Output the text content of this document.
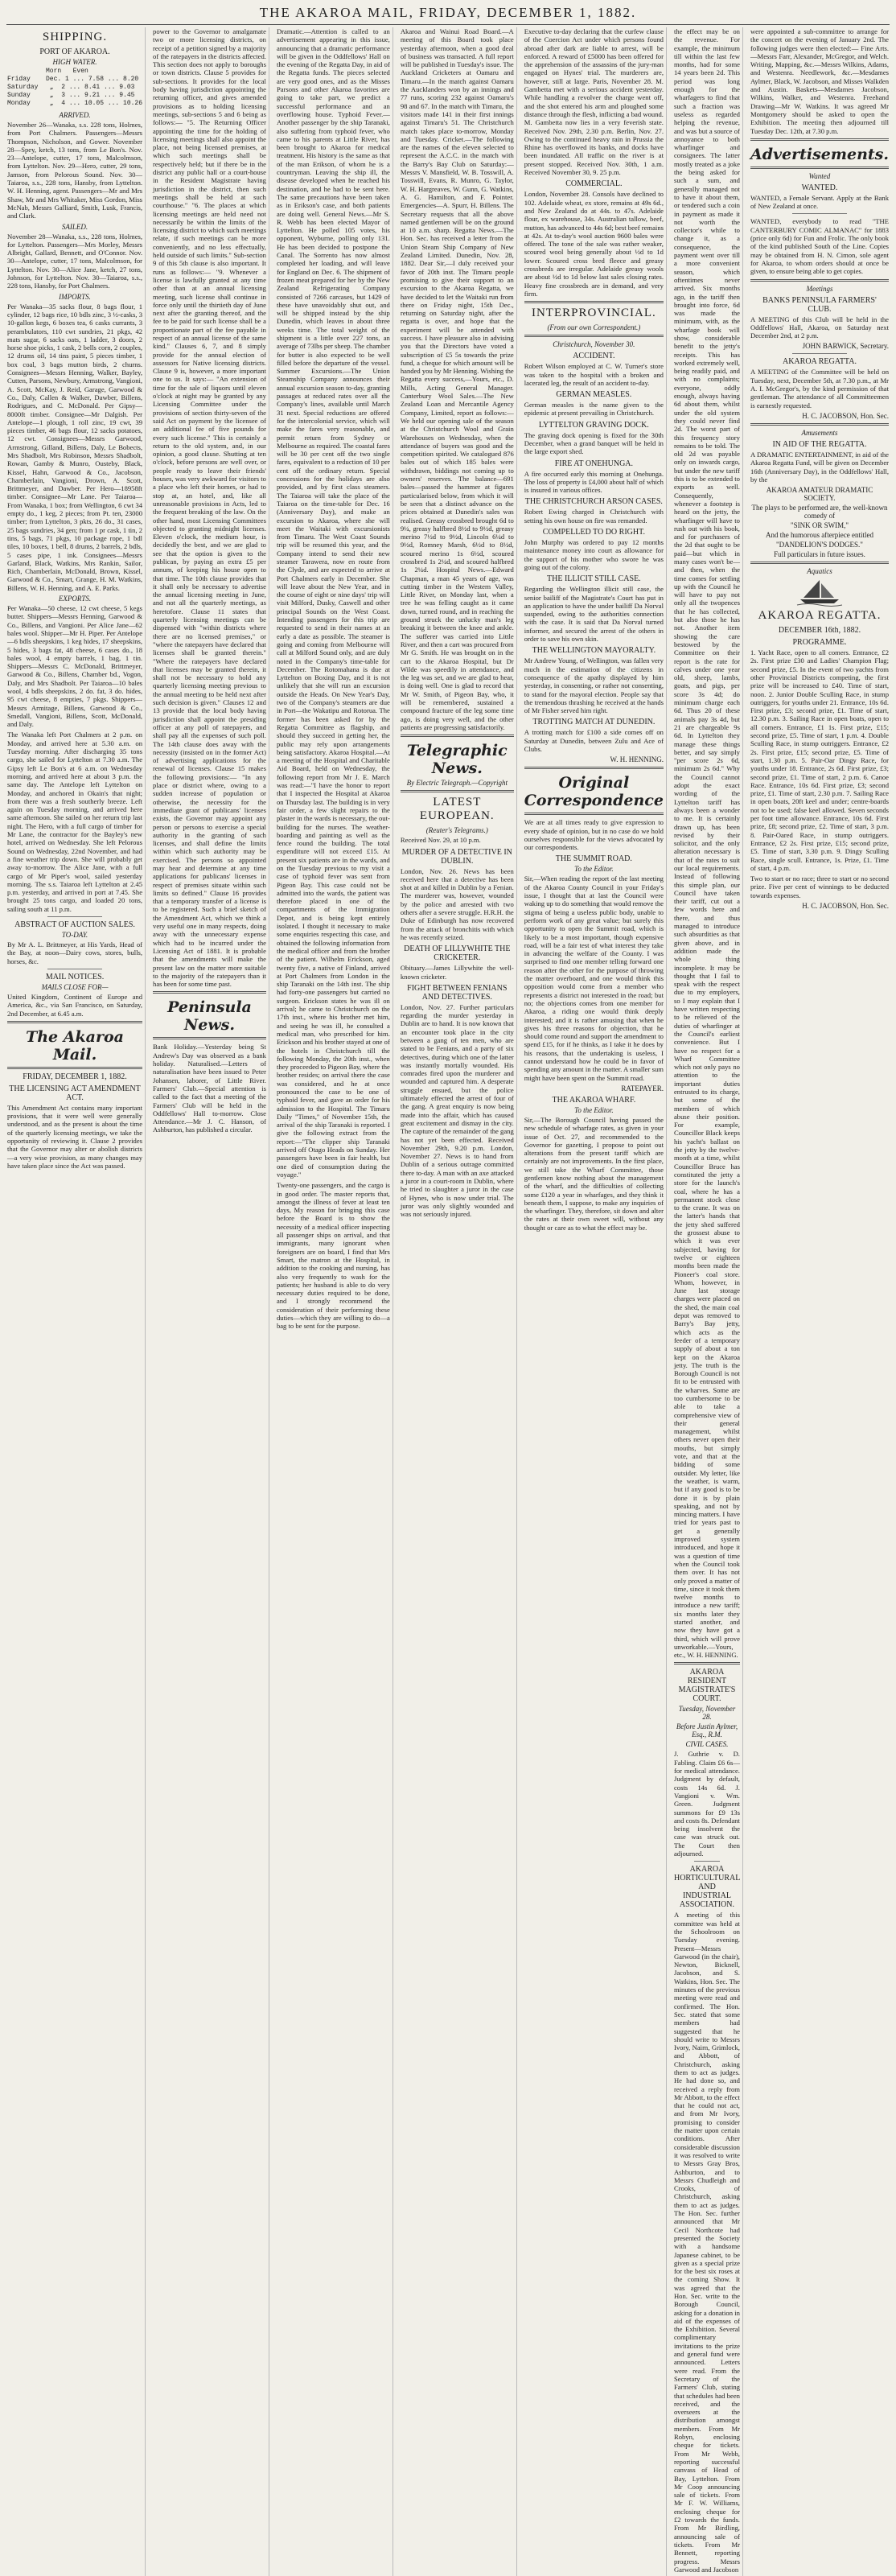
THE AKAROA MAIL, FRIDAY, DECEMBER 1, 1882.
SHIPPING.
PORT OF AKAROA.
HIGH WATER.
Morn   Even
Friday    Dec. 1 ... 7.58 ... 8.20
Saturday   „  2 ... 8.41 ... 9.03
Sunday     „  3 ... 9.21 ... 9.45
Monday     „  4 ... 10.05 ... 10.26
ARRIVED.

November 26—Wanaka, s.s. 228 tons, Holmes, from Port Chalmers. Passengers—Messrs Thompson, Nicholson, and Gower. November 28—Spey, ketch, 13 tons, from Le Bon's. Nov. 23—Antelope, cutter, 17 tons, Malcolmson, from Lyttelton. Nov. 29—Hero, cutter, 29 tons, Jamson, from Pelorous Sound. Nov. 30—Taiaroa, s.s., 228 tons, Hansby, from Lyttelton. W. H. Henning, agent. Passengers—Mr and Mrs Shaw, Mr and Mrs Whitaker, Miss Gordon, Miss McNab, Messrs Galliard, Smith, Lusk, Francis, and Clark.

SAILED.

November 28—Wanaka, s.s., 228 tons, Holmes, for Lyttelton. Passengers—Mrs Morley, Messrs Albright, Gallard, Bennett, and O'Connor. Nov. 30—Antelope, cutter, 17 tons, Malcolmson, for Lyttelton. Nov. 30—Alice Jane, ketch, 27 tons, Johnson, for Lyttelton. Nov. 30—Taiaroa, s.s., 228 tons, Hansby, for Port Chalmers.

IMPORTS.

Per Wanaka—35 sacks flour, 8 bags flour, 1 cylinder, 12 bags rice, 10 bdls zinc, 3 ½-casks, 3 10-gallon kegs, 6 boxes tea, 6 casks currants, 3 perambulators, 110 cwt sundries, 21 pkgs, 42 mats sugar, 6 sacks oats, 1 ladder, 3 doors, 2 horse shoe picks, 1 cask, 2 bells corn, 2 couples, 12 drums oil, 14 tins paint, 5 pieces timber, 1 box coal, 3 bags mutton birds, 2 churns. Consignees—Messrs Henning, Walker, Bayley, Cutten, Parsons, Newbury, Armstrong, Vangioni, A. Scott, McKay, J. Reid, Garage, Garwood & Co., Daly, Callen & Walker, Dawber, Billens, Rodrigues, and C. McDonald. Per Gipsy—8000ft timber. Consignee—Mr Dalgish. Per Antelope—1 plough, 1 roll zinc, 19 cwt, 39 pieces timber, 46 bags flour, 12 sacks potatoes, 12 cwt. Consignees—Messrs Garwood, Armstrong, Gilland, Billens, Daly, Le Bobects, Mrs Shadbolt, Mrs Robinson, Messrs Shadbolt, Rowan, Gamby & Munro, Ousteby, Black, Kissel, Hahn, Garwood & Co., Jacobson, Chamberlain, Vangioni, Drown, A. Scott, Brittmeyer, and Dawber. Per Hero—18958ft timber. Consignee—Mr Lane. Per Taiaroa—From Wanaka, 1 box; from Wellington, 6 cwt 34 empty do., 1 keg, 2 pieces; from Pt. ten, 23000 timber; from Lyttelton, 3 pkts, 26 do., 31 cases, 25 bags sundries, 34 gen; from 1 pr cask, 1 tin, 2 tins, 5 bags, 71 pkgs, 10 package rope, 1 bdl tiles, 10 boxes, 1 bell, 8 drums, 2 barrels, 2 bdls, 5 cases pipe, 1 ink. Consignees—Messrs Garland, Black, Watkins, Mrs Rankin, Sailor, Rich, Chamberlain, McDonald, Brown, Kissel, Garwood & Co., Smart, Grange, H. M. Watkins, Billens, W. H. Henning, and A. E. Parks.

EXPORTS.

Per Wanaka—50 cheese, 12 cwt cheese, 5 kegs butter. Shippers—Messrs Henning, Garwood & Co., Billens, and Vangioni. Per Alice Jane—62 bales wool. Shipper—Mr H. Piper. Per Antelope—6 bdls sheepskins, 1 keg hides, 17 sheepskins, 5 hides, 3 bags fat, 48 cheese, 6 cases do., 18 bales wool, 4 empty barrels, 1 bag, 1 tin. Shippers—Messrs C. McDonald, Brittmeyer, Garwood & Co., Billens, Chamber bd., Vogon, Daly, and Mrs Shadbolt. Per Taiaroa—10 bales wool, 4 bdls sheepskins, 2 do. fat, 3 do. hides, 95 cwt cheese, 8 empties, 7 pkgs. Shippers—Messrs Armitage, Billens, Garwood & Co., Smedall, Vangioni, Billens, Scott, McDonald, and Daly.

The Wanaka left Port Chalmers at 2 p.m. on Monday, and arrived here at 5.30 a.m. on Tuesday morning. After discharging 35 tons cargo, she sailed for Lyttelton at 7.30 a.m. The Gipsy left Le Bon's at 6 a.m. on Wednesday morning, and arrived here at about 3 p.m. the same day. The Antelope left Lyttelton on Monday, and anchored in Okain's that night; from there was a fresh southerly breeze. Left again on Tuesday morning, and arrived here same afternoon. She sailed on her return trip last night. The Hero, with a full cargo of timber for Mr Lane, the contractor for the Bayley's new hotel, arrived on Wednesday. She left Pelorous Sound on Wednesday, 22nd November, and had a fine weather trip down. She will probably get away to-morrow. The Alice Jane, with a full cargo of Mr Piper's wool, sailed yesterday morning. The s.s. Taiaroa left Lyttelton at 2.45 p.m. yesterday, and arrived in port at 7.45. She brought 25 tons cargo, and loaded 20 tons, sailing south at 11 p.m.

ABSTRACT OF AUCTION SALES.
TO-DAY.

By Mr A. L. Brittmeyer, at His Yards, Head of the Bay, at noon—Dairy cows, stores, bulls, horses, &c.

MAIL NOTICES.
MAILS CLOSE FOR—

United Kingdom, Continent of Europe and America, &c., via San Francisco, on Saturday, 2nd December, at 6.45 a.m.

The Akaroa Mail.
FRIDAY, DECEMBER 1, 1882.
THE LICENSING ACT AMENDMENT ACT.

This Amendment Act contains many important provisions, that it were well were generally understood, and as the present is about the time of the quarterly licensing meetings, we take the opportunity of reviewing it. Clause 2 provides that the Governor may alter or abolish districts—a very wise provision, as many changes may have taken place since the Act was passed.

power to the Governor to amalgamate two or more licensing districts, on receipt of a petition signed by a majority of the ratepayers in the districts affected. This section does not apply to boroughs or town districts. Clause 5 provides for sub-sections. It provides for the local body having jurisdiction appointing the returning officer, and gives amended provisions as to holding licensing meetings, sub-sections 5 and 6 being as follows:— "5. The Returning Officer appointing the time for the holding of licensing meetings shall also appoint the place, not being licensed premises, at which such meetings shall be respectively held; but if there be in the district any public hall or a court-house in the Resident Magistrate having jurisdiction in the district, then such meetings shall be held at such courthouse." "6. The places at which licensing meetings are held need not necessarily be within the limits of the licensing district to which such meetings relate, if such meetings can be more conveniently, and no less effectually, held outside of such limits." Sub-section 9 of this 5th clause is also important. It runs as follows:— "9. Whenever a license is lawfully granted at any time other than at an annual licensing meeting, such license shall continue in force only until the thirtieth day of June next after the granting thereof, and the fee to be paid for such license shall be a proportionate part of the fee payable in respect of an annual license of the same kind." Clauses 6, 7, and 8 simply provide for the annual election of assessors for Native licensing districts. Clause 9 is, however, a more important one to us. It says:— "An extension of time for the sale of liquors until eleven o'clock at night may be granted by any Licensing Committee under the provisions of section thirty-seven of the said Act on payment by the licensee of an additional fee of five pounds for every such license." This is certainly a return to the old system, and, in our opinion, a good clause. Shutting at ten o'clock, before persons are well over, or people ready to leave their friends' houses, was very awkward for visitors to a place who left their homes, or had to stop at, an hotel, and, like all unreasonable provisions in Acts, led to the frequent breaking of the law. On the other hand, most Licensing Committees objected to granting midnight licenses. Eleven o'clock, the medium hour, is decidedly the best, and we are glad to see that the option is given to the publican, by paying an extra £5 per annum, of keeping his house open to that time. The 10th clause provides that it shall only be necessary to advertise the annual licensing meeting in June, and not all the quarterly meetings, as heretofore. Clause 11 states that quarterly licensing meetings can be dispensed with "within districts where there are no licensed premises," or "where the ratepayers have declared that licenses shall be granted therein." "Where the ratepayers have declared that licenses may be granted therein, it shall not be necessary to hold any quarterly licensing meeting previous to the annual meeting to be held next after such decision is given." Clauses 12 and 13 provide that the local body having jurisdiction shall appoint the presiding officer at any poll of ratepayers, and shall pay all the expenses of such poll. The 14th clause does away with the necessity (insisted on in the former Act) of advertising applications for the renewal of licenses. Clause 15 makes the following provisions:— "In any place or district where, owing to a sudden increase of population or otherwise, the necessity for the immediate grant of publicans' licenses exists, the Governor may appoint any person or persons to exercise a special authority in the granting of such licenses, and shall define the limits within which such authority may be exercised. The persons so appointed may hear and determine at any time applications for publicans' licenses in respect of premises situate within such limits so defined." Clause 16 provides that a temporary transfer of a license is to be registered. Such a brief sketch of the Amendment Act, which we think a very useful one in many respects, doing away with the unnecessary expense which had to be incurred under the Licensing Act of 1881. It is probable that the amendments will make the present law on the matter more suitable to the majority of the ratepayers than it has been for some time past.

Peninsula News.

Bank Holiday.—Yesterday being St Andrew's Day was observed as a bank holiday. Naturalised.—Letters of naturalisation have been issued to Peter Johansen, laborer, of Little River. Farmers' Club.—Special attention is called to the fact that a meeting of the Farmers' Club will be held in the Oddfellows' Hall to-morrow. Close Attendance.—Mr J. C. Hanson, of Ashburton, has published a circular.

Dramatic.—Attention is called to an advertisement appearing in this issue, announcing that a dramatic performance will be given in the Oddfellows' Hall on the evening of the Regatta Day, in aid of the Regatta funds. The pieces selected are very good ones, and as the Misses Parsons and other Akaroa favorites are going to take part, we predict a successful performance and an overflowing house. Typhoid Fever.—Another passenger by the ship Taranaki, also suffering from typhoid fever, who came to his parents at Little River, has been brought to Akaroa for medical treatment. His history is the same as that of the man Erikson, of whom he is a countryman. Leaving the ship ill, the disease developed when he reached his destination, and he had to be sent here. The same precautions have been taken as in Erikson's case, and both patients are doing well. General News.—Mr S. R. Webb has been elected Mayor of Lyttelton. He polled 105 votes, his opponent, Wyburne, polling only 131. He has been decided to postpone the Canal. The Sorrento has now almost completed her loading, and will leave for England on Dec. 6. The shipment of frozen meat prepared for her by the New Zealand Refrigerating Company consisted of 7266 carcases, but 1429 of these have unavoidably shut out, and will be shipped instead by the ship Dunedin, which leaves in about three weeks time. The total weight of the shipment is a little over 227 tons, an average of 73lbs per sheep. The chamber for butter is also expected to be well filled before the departure of the vessel. Summer Excursions.—The Union Steamship Company announces their annual excursion season to-day, granting passages at reduced rates over all the Company's lines, available until March 31 next. Special reductions are offered for the intercolonial service, which will make the fares very reasonable, and permit return from Sydney or Melbourne as required. The coastal fares will be 30 per cent off the two single fares, equivalent to a reduction of 10 per cent off the ordinary return. Special concessions for the holidays are also provided, and by first class steamers. The Taiaroa will take the place of the Taiaroa on the time-table for Dec. 16 (Anniversary Day), and make an excursion to Akaroa, where she will meet the Waitaki with excursionists from Timaru. The West Coast Sounds trip will be resumed this year, and the Company intend to send their new steamer Tarawera, now en route from the Clyde, and are expected to arrive at Port Chalmers early in December. She will leave about the New Year, and in the course of eight or nine days' trip will visit Milford, Dusky, Caswell and other principal Sounds on the West Coast. Intending passengers for this trip are requested to send in their names at an early a date as possible. The steamer is going and coming from Melbourne will call at Milford Sound only, and are duly noted in the Company's time-table for December. The Rotomahana is due at Lyttelton on Boxing Day, and it is not unlikely that she will run an excursion outside the Heads. On New Year's Day, two of the Company's steamers are due in Port—the Wakatipu and Rotorua. The former has been asked for by the Regatta Committee as flagship, and should they succeed in getting her, the public may rely upon arrangements being satisfactory. Akaroa Hospital.—At a meeting of the Hospital and Charitable Aid Board, held on Wednesday, the following report from Mr J. E. March was read:—"I have the honor to report that I inspected the Hospital at Akaroa on Thursday last. The building is in very fair order, a few slight repairs to the plaster in the wards is necessary, the out-building for the nurses. The weather-boarding and painting as well as the fence round the building. The total expenditure will not exceed £15. At present six patients are in the wards, and on the Tuesday previous to my visit a case of typhoid fever was sent from Pigeon Bay. This case could not be admitted into the wards, the patient was therefore placed in one of the compartments of the Immigration Depot, and is being kept entirely isolated. I thought it necessary to make some enquiries respecting this case, and obtained the following information from the medical officer and from the brother of the patient. Wilhelm Erickson, aged twenty five, a native of Finland, arrived at Port Chalmers from London in the ship Taranaki on the 14th inst. The ship had forty-one passengers but carried no surgeon. Erickson states he was ill on arrival; he came to Christchurch on the 17th inst., where his brother met him, and seeing he was ill, he consulted a medical man, who prescribed for him. Erickson and his brother stayed at one of the hotels in Christchurch till the following Monday, the 20th inst., when they proceeded to Pigeon Bay, where the brother resides; on arrival there the case was considered, and he at once pronounced the case to be one of typhoid fever, and gave an order for his admission to the Hospital. The Timaru Daily "Times," of November 15th, the arrival of the ship Taranaki is reported. I give the following extract from the report:—"The clipper ship Taranaki arrived off Otago Heads on Sunday. Her passengers have been in fair health, but one died of consumption during the voyage."

Twenty-one passengers, and the cargo is in good order. The master reports that, amongst the illness of fever at least ten days, My reason for bringing this case before the Board is to show the necessity of a medical officer inspecting all passenger ships on arrival, and that immigrants, many ignorant when foreigners are on board, I find that Mrs Smart, the matron at the Hospital, in addition to the cooking and nursing, has also very frequently to wash for the patients; her husband is able to do very necessary duties required to be done, and I strongly recommend the consideration of their performing these duties—which they are willing to do—a bag to be sent for the purpose.

Akaroa and Wainui Road Board.—A meeting of this Board took place yesterday afternoon, when a good deal of business was transacted. A full report will be published in Tuesday's issue. The Auckland Cricketers at Oamaru and Timaru.—In the match against Oamaru the Aucklanders won by an innings and 77 runs, scoring 232 against Oamaru's 98 and 67. In the match with Timaru, the visitors made 141 in their first innings against Timaru's 51. The Christchurch match takes place to-morrow, Monday and Tuesday. Cricket.—The following are the names of the eleven selected to represent the A.C.C. in the match with the Barry's Bay Club on Saturday:—Messrs V. Mansfield, W. B. Tosswill, A. Tosswill, Evans, R. Munro, G. Taylor, W. H. Hargreaves, W. Gunn, G. Watkins, A. G. Hamilton, and F. Pointer. Emergencies—A. Spurr, H. Billens. The Secretary requests that all the above named gentlemen will be on the ground at 10 a.m. sharp. Regatta News.—The Hon. Sec. has received a letter from the Union Steam Ship Company of New Zealand Limited. Dunedin, Nov. 28, 1882. Dear Sir,—I duly received your favor of 20th inst. The Timaru people promising to give their support to an excursion to the Akaroa Regatta, we have decided to let the Waitaki run from there on Friday night, 15th Dec., returning on Saturday night, after the regatta is over, and hope that the experiment will be attended with success. I have pleasure also in advising you that the Directors have voted a subscription of £5 5s towards the prize fund, a cheque for which amount will be handed you by Mr Henning. Wishing the Regatta every success,—Yours, etc., D. Mills, Acting General Manager. Canterbury Wool Sales.—The New Zealand Loan and Mercantile Agency Company, Limited, report as follows:—We held our opening sale of the season at the Christchurch Wool and Grain Warehouses on Wednesday, when the attendance of buyers was good and the competition spirited. We catalogued 876 bales out of which 185 bales were withdrawn, biddings not coming up to owners' reserves. The balance—691 bales—passed the hammer at figures particularised below, from which it will be seen that a distinct advance on the prices obtained at Dunedin's sales was realised. Greasy crossbred brought 6d to 9¼, greasy halfbred 8½d to 9½d, greasy merino 7½d to 9½d, Lincoln 6¼d to 9½d, Romney Marsh, 6½d to 8½d, scoured merino 1s 6½d, scoured crossbred 1s 2¼d, and scoured halfbred 1s 2¼d. Hospital News.—Edward Chapman, a man 45 years of age, was cutting timber in the Western Valley, Little River, on Monday last, when a tree he was felling caught as it came down, turned round, and in reaching the ground struck the unlucky man's leg breaking it between the knee and ankle. The sufferer was carried into Little River, and then a cart was procured from Mr G. Smith. He was brought on in the cart to the Akaroa Hospital, but Dr Wilde was speedily in attendance, and the leg was set, and we are glad to hear, is doing well. One is glad to record that Mr W. Smith, of Pigeon Bay, who, it will be remembered, sustained a compound fracture of the leg some time ago, is doing very well, and the other patients are progressing satisfactorily.

Telegraphic News.
By Electric Telegraph.—Copyright
LATEST EUROPEAN.
(Reuter's Telegrams.)

Received Nov. 29, at 10 p.m.

MURDER OF A DETECTIVE IN DUBLIN.

London, Nov. 26. News has been received here that a detective has been shot at and killed in Dublin by a Fenian. The murderer was, however, wounded by the police and arrested with two others after a severe struggle. H.R.H. the Duke of Edinburgh has now recovered from the attack of bronchitis with which he was recently seized.

DEATH OF LILLYWHITE THE CRICKETER.

Obituary.—James Lillywhite the well-known cricketer.

FIGHT BETWEEN FENIANS AND DETECTIVES.

London, Nov. 27. Further particulars regarding the murder yesterday in Dublin are to hand. It is now known that an encounter took place in the city between a gang of ten men, who are stated to be Fenians, and a party of six detectives, during which one of the latter was instantly mortally wounded. His comrades fired upon the murderer and wounded and captured him. A desperate struggle ensued, but the police ultimately effected the arrest of four of the gang. A great enquiry is now being made into the affair, which has caused great excitement and dismay in the city. The capture of the remainder of the gang has not yet been effected. Received November 29th, 9.20 p.m. London, November 27. News is to hand from Dublin of a serious outrage committed there to-day. A man with an axe attacked a juror in a court-room in Dublin, where he tried to slaughter a juror in the case of Hynes, who is now under trial. The juror was only slightly wounded and was not seriously injured.

Executive to-day declaring that the curfew clause of the Coercion Act under which persons found abroad after dark are liable to arrest, will be enforced. A reward of £5000 has been offered for the apprehension of the assassins of the jury-man engaged on Hynes' trial. The murderers are, however, still at large. Paris, November 28. M. Gambetta met with a serious accident yesterday. While handling a revolver the charge went off, and the shot entered his arm and ploughed some distance through the flesh, inflicting a bad wound. M. Gambetta now lies in a very feverish state. Received Nov. 29th, 2.30 p.m. Berlin, Nov. 27. Owing to the continued heavy rain in Prussia the Rhine has overflowed its banks, and docks have been inundated. All traffic on the river is at present stopped. Received Nov. 30th, 1 a.m. Received November 30, 9. 25 p.m.

COMMERCIAL.

London, November 28. Consols have declined to 102. Adelaide wheat, ex store, remains at 49s 6d., and New Zealand do at 44s. to 47s. Adelaide flour, ex warehouse, 34s. Australian tallow, beef, mutton, has advanced to 44s 6d; best beef remains at 42s. At to-day's wool auction 9600 bales were offered. The tone of the sale was rather weaker, scoured wool being generally about ½d to 1d lower. Scoured cross bred fleece and greasy crossbreds are irregular. Adelaide greasy wools are about ½d to 1d below last sales closing rates. Heavy fine crossbreds are in demand, and very firm.

INTERPROVINCIAL.
(From our own Correspondent.)
Christchurch, November 30.
ACCIDENT.

Robert Wilson employed at C. W. Turner's store was taken to the hospital with a broken and lacerated leg, the result of an accident to-day.

GERMAN MEASLES.

German measles is the name given to the epidemic at present prevailing in Christchurch.

LYTTELTON GRAVING DOCK.

The graving dock opening is fixed for the 30th December, when a grand banquet will be held in the large export shed.

FIRE AT ONEHUNGA.

A fire occurred early this morning at Onehunga. The loss of property is £4,000 about half of which is insured in various offices.

THE CHRISTCHURCH ARSON CASES.

Robert Ewing charged in Christchurch with setting his own house on fire was remanded.

COMPELLED TO DO RIGHT.

John Murphy was ordered to pay 12 months maintenance money into court as allowance for the support of his mother who swore he was going out of the colony.

THE ILLICIT STILL CASE.

Regarding the Wellington illicit still case, the senior bailiff of the Magistrate's Court has put in an application to have the under bailiff Da Norval suspended, owing to the authorities connection with the case. It is said that Da Norval turned informer, and secured the arrest of the others in order to save his own skin.

THE WELLINGTON MAYORALTY.

Mr Andrew Young, of Wellington, was fallen very much in the estimation of the citizens in consequence of the apathy displayed by him yesterday, in consenting, or rather not consenting, to stand for the mayoral election. People say that the tremendous thrashing he received at the hands of Mr Fisher served him right.

TROTTING MATCH AT DUNEDIN.

A trotting match for £100 a side comes off on Saturday at Dunedin, between Zulu and Ace of Clubs.

W. H. HENNING.
Original Correspondence

We are at all times ready to give expression to every shade of opinion, but in no case do we hold ourselves responsible for the views advocated by our correspondents.

THE SUMMIT ROAD.
To the Editor.

Sir,—When reading the report of the last meeting of the Akaroa County Council in your Friday's issue, I thought that at last the Council were waking up to do something that would remove the stigma of being a useless public body, unable to perform work of any great value; but surely this opportunity to open the Summit road, which is likely to be a most important, though expensive road, will be a fair test of what interest they take in advancing the welfare of the County. I was surprised to find one member telling forward one reason after the other for the purpose of throwing the matter overboard, and one would think this opposition would come from a member who represents a district not interested in the road; but no; the objections comes from one member for Akaroa, a riding one would think deeply interested; and it is rather amusing that when he gives his three reasons for objection, that he should come round and support the amendment to spend £15, for if he thinks, as I take it he does by his reasons, that the undertaking is useless, I cannot understand how he could be in favor of spending any amount in the matter. A smaller sum might have been spent on the Summit road.

RATEPAYER.
THE AKAROA WHARF.
To the Editor.

Sir,—The Borough Council having passed the new schedule of wharfage rates, as given in your issue of Oct. 27, and recommended to the Governor for gazetting, I propose to point out alterations from the present tariff which are certainly are not improvements. In the first place, we still take the Wharf Committee, those gentlemen know nothing about the management of the wharf, and the difficulties of collecting some £120 a year in wharfages, and they think it beneath them, I suppose, to make any inquiries of the wharfinger. They, therefore, sit down and alter the rates at their own sweet will, without any thought or care as to what the effect may be.

the effect may be on the revenue. For example, the minimum till within the last few months, had for some 14 years been 2d. This period was long enough for the wharfagers to find that such a fraction was useless as regarded helping the revenue, and was but a source of annoyance to both wharfinger and consignees. The latter mostly treated as a joke the being asked for such a sum, and generally managed not to have it about them, or tendered such a coin in payment as made it not worth the collector's while to change it, as a consequence, the payment went over till a more convenient season, which oftentimes never arrived. Six months ago, in the tariff then brought into force, 6d was made the minimum, with, as the wharfage book will show, considerable benefit to the jetty's receipts. This has worked extremely well, being readily paid, and with no complaints; everyone, oddly enough, always having 6d about them, whilst under the old system they could never find 2d. The worst part of this frequency story remains to be told. The old 2d was payable only on inwards cargo, but under the new tariff this is to be extended to exports as well. Consequently, whenever a footstep is heard on the jetty, the wharfinger will have to rush out with his book, and for purchasers of the 2d that ought to be paid—but which in many cases won't be—and then, when the time comes for settling up with the Council he will have to pay not only all the twopences that he has collected, but also those he has not. Another item showing the care bestowed by the Committee on their report is the rate for calves under one year old, sheep, lambs, goats, and pigs, per score 3s 4d; do minimum charge each 6d. Thus 20 of these animals pay 3s 4d, but 21 are chargeable 9s 6d. In Lyttelton they manage these things better, and say simply "per score 2s 6d, minimum 2s 6d." Why the Council cannot adopt the exact wording of the Lyttelton tariff has always been a wonder to me. It is certainly drawn up, has been revised by their solicitor, and the only alteration necessary is that of the rates to suit our local requirements. Instead of following this simple plan, our Council have taken their tariff, cut out a few words here and there, and thus managed to introduce such absurdities as that given above, and in addition made the whole thing incomplete. It may be thought that I fail to speak with the respect due to my employers, so I may explain that I have written respecting to be relieved of the duties of wharfinger at the Council's earliest convenience. But I have no respect for a Wharf Committee which not only pays no attention to the important duties entrusted to its charge, but some of the members of which abuse their position. For example, Councillor Black keeps his yacht's ballast on the jetty by the twelve-month at a time, whilst Councillor Bruce has constituted the jetty a store for the launch's coal, where he has a permanent stock close to the crane. It was on the latter's hands that the jetty shed suffered the grossest abuse to which it was ever subjected, having for twelve or eighteen months been made the Pioneer's coal store. Whom, however, in June last storage charges were placed on the shed, the main coal depot was removed to Barry's Bay jetty, which acts as the feeder of a temporary supply of about a ton kept on the Akaroa jetty. The truth is the Borough Council is not fit to be entrusted with the wharves. Some are too cumbersome to be able to take a comprehensive view of their general management, whilst others never open their mouths, but simply vote, and that at the bidding of some outsider. My letter, like the weather, is warm, but if any good is to be done it is by plain speaking, and not by mincing matters. I have tried for years past to get a generally improved system introduced, and hope it was a question of time when the Council took them over. It has not only proved a matter of time, since it took them twelve months to introduce a new tariff; six months later they started another, and now they have got a third, which will prove unworkable.—Yours, etc., W. H. HENNING.

AKAROA RESIDENT MAGISTRATE'S COURT.
Tuesday, November 28.
Before Justin Aylmer, Esq., R.M.
CIVIL CASES.

J. Guthrie v. D. Fabling. Claim £6 6s—for medical attendance. Judgment by default, costs 14s 6d. J. Vangioni v. Wm. Green. Judgment summons for £9 13s and costs 8s. Defendant being insolvent the case was struck out. The Court then adjourned.

AKAROA HORTICULTURAL AND INDUSTRIAL ASSOCIATION.

A meeting of this committee was held at the Schoolroom on Tuesday evening. Present—Messrs Garwood (in the chair), Newton, Bicknell, Jacobson, and S. Watkins, Hon. Sec. The minutes of the previous meeting were read and confirmed. The Hon. Sec. stated that some members had suggested that he should write to Messrs Ivory, Nairn, Grimlock, and Abbott, of Christchurch, asking them to act as judges. He had done so, and received a reply from Mr Abbott, to the effect that he could not act, and from Mr Ivory, promising to consider the matter upon certain conditions. After considerable discussion it was resolved to write to Messrs Gray Bros, Ashburton, and to Messrs Chudleigh and Crooks, of Christchurch, asking them to act as judges. The Hon. Sec. further announced that Mr Cecil Northcote had presented the Society with a handsome Japanese cabinet, to be given as a special prize for the best six roses at the coming Show. It was agreed that the Hon. Sec. write to the Borough Council, asking for a donation in aid of the expenses of the Exhibition. Several complimentary invitations to the prize and general fund were announced. Letters were read. From the Secretary of the Farmers' Club, stating that schedules had been received, and the overseers at the distribution amongst members. From Mr Robyn, enclosing cheque for tickets. From Mr Webb, reporting successful canvass of Head of Bay, Lyttelton. From Mr Coop announcing sale of tickets. From Mr F. W. Williams, enclosing cheque for £2 towards the funds. From Mr Birdling, announcing sale of tickets. From Mr Bennett, reporting progress. Messrs Garwood and Jacobson

were appointed a sub-committee to arrange for the concert on the evening of January 2nd. The following judges were then elected:— Fine Arts.—Messrs Farr, Alexander, McGregor, and Welch. Writing, Mapping, &c.—Messrs Wilkins, Adams, and Westenra. Needlework, &c.—Mesdames Aylmer, Black, W. Jacobson, and Misses Walkden and Austin. Baskets—Mesdames Jacobson, Wilkins, Walker, and Westenra. Freehand Drawing—Mr W. Watkins. It was agreed Mr Montgomery should be asked to open the Exhibition. The meeting then adjourned till Tuesday Dec. 12th, at 7.30 p.m.

Advertisements.
Wanted
WANTED.

WANTED, a Female Servant. Apply at the Bank of New Zealand at once.

WANTED, everybody to read "THE CANTERBURY COMIC ALMANAC" for 1883 (price only 6d) for Fun and Frolic. The only book of the kind published South of the Line. Copies may be obtained from H. N. Cimon, sole agent for Akaroa, to whom orders should at once be given, to ensure being able to get copies.

Meetings
BANKS PENINSULA FARMERS' CLUB.

A MEETING of this Club will be held in the Oddfellows' Hall, Akaroa, on Saturday next December 2nd, at 2 p.m.

JOHN BARWICK, Secretary.
AKAROA REGATTA.

A MEETING of the Committee will be held on Tuesday, next, December 5th, at 7.30 p.m., at Mr A. I. McGregor's, by the kind permission of that gentleman. The attendance of all Committeemen is earnestly requested.

H. C. JACOBSON, Hon. Sec.
Amusements
IN AID OF THE REGATTA.

A DRAMATIC ENTERTAINMENT, in aid of the Akaroa Regatta Fund, will be given on December 16th (Anniversary Day), in the Oddfellows' Hall, by the

AKAROA AMATEUR DRAMATIC SOCIETY.
The plays to be performed are, the well-known comedy of
"SINK OR SWIM,"
And the humorous afterpiece entitled
"DANDELION'S DODGES."
Full particulars in future issues.
Aquatics
AKAROA REGATTA.
DECEMBER 16th, 1882.
PROGRAMME.

1. Yacht Race, open to all comers. Entrance, £2 2s. First prize £30 and Ladies' Champion Flag; second prize, £5. In the event of two yachts from other Provincial Districts competing, the first prize will be increased to £40. Time of start, noon. 2. Junior Double Sculling Race, in stump outriggers, for youths under 21. Entrance, 10s 6d. First prize, £3; second prize, £1. Time of start, 12.30 p.m. 3. Sailing Race in open boats, open to all comers. Entrance, £1 1s. First prize, £15; second prize, £5. Time of start, 1 p.m. 4. Double Sculling Race, in stump outriggers. Entrance, £2 2s. First prize, £15; second prize, £5. Time of start, 1.30 p.m. 5. Pair-Oar Dingy Race, for youths under 18. Entrance, 2s 6d. First prize, £3; second prize, £1. Time of start, 2 p.m. 6. Canoe Race. Entrance, 10s 6d. First prize, £3; second prize, £1. Time of start, 2.30 p.m. 7. Sailing Race in open boats, 20ft keel and under; centre-boards not to be used; false keel allowed. Seven seconds per foot time allowance. Entrance, 10s 6d. First prize, £8; second prize, £2. Time of start, 3 p.m. 8. Pair-Oared Race, in stump outriggers. Entrance, £2 2s. First prize, £15; second prize, £5. Time of start, 3.30 p.m. 9. Dingy Sculling Race, single scull. Entrance, 1s. Prize, £1. Time of start, 4 p.m.

Two to start or no race; three to start or no second prize. Five per cent of winnings to be deducted towards expenses.

H. C. JACOBSON, Hon. Sec.
